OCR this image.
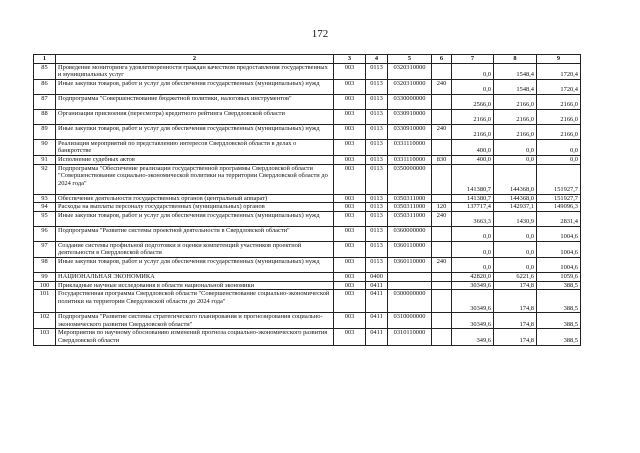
172
1	2	3	4	5	6	7	8	9
85	Проведение мониторинга удовлетворенности граждан качеством предоставления государственных и муниципальных услуг	003	0113	0320310000		0,0	1548,4	1720,4
86	Иные закупки товаров, работ и услуг для обеспечения государственных (муниципальных) нужд	003	0113	0320310000	240	0,0	1548,4	1720,4
87	Подпрограмма "Совершенствование бюджетной политики, налоговых инструментов"	003	0113	0330000000		2566,0	2166,0	2166,0
88	Организация присвоения (пересмотра) кредитного рейтинга Свердловской области	003	0113	0330910000		2166,0	2166,0	2166,0
89	Иные закупки товаров, работ и услуг для обеспечения государственных (муниципальных) нужд	003	0113	0330910000	240	2166,0	2166,0	2166,0
90	Реализация мероприятий по представлению интересов Свердловской области в делах о банкротстве	003	0113	0331110000		400,0	0,0	0,0
91	Исполнение судебных актов	003	0113	0331110000	830	400,0	0,0	0,0
92	Подпрограмма "Обеспечение реализации государственной программы Свердловской области "Совершенствование социально-экономической политики на территории Свердловской области до 2024 года"	003	0113	0350000000		141380,7	144368,0	151927,7
93	Обеспечение деятельности государственных органов (центральный аппарат)	003	0113	0350311000		141380,7	144368,0	151927,7
94	Расходы на выплаты персоналу государственных (муниципальных) органов	003	0113	0350311000	120	137717,4	142937,1	149096,3
95	Иные закупки товаров, работ и услуг для обеспечения государственных (муниципальных) нужд	003	0113	0350311000	240	3663,3	1430,9	2831,4
96	Подпрограмма "Развитие системы проектной деятельности в Свердловской области"	003	0113	0360000000		0,0	0,0	1004,6
97	Создание системы профильной подготовки и оценки компетенций участников проектной деятельности в Свердловской области	003	0113	0360110000		0,0	0,0	1004,6
98	Иные закупки товаров, работ и услуг для обеспечения государственных (муниципальных) нужд	003	0113	0360110000	240	0,0	0,0	1004,6
99	НАЦИОНАЛЬНАЯ ЭКОНОМИКА	003	0400			42820,0	6221,6	1059,6
100	Прикладные научные исследования в области национальной экономики	003	0411			30349,6	174,8	388,5
101	Государственная программа Свердловской области "Совершенствование социально-экономической политики на территории Свердловской области до 2024 года"	003	0411	0300000000		30349,6	174,8	388,5
102	Подпрограмма "Развитие системы стратегического планирования и прогнозирования социально-экономического развития Свердловской области"	003	0411	0310000000		30349,6	174,8	388,5
103	Мероприятия по научному обоснованию изменений прогноза социально-экономического развития Свердловской области	003	0411	0310110000		349,6	174,8	388,5
